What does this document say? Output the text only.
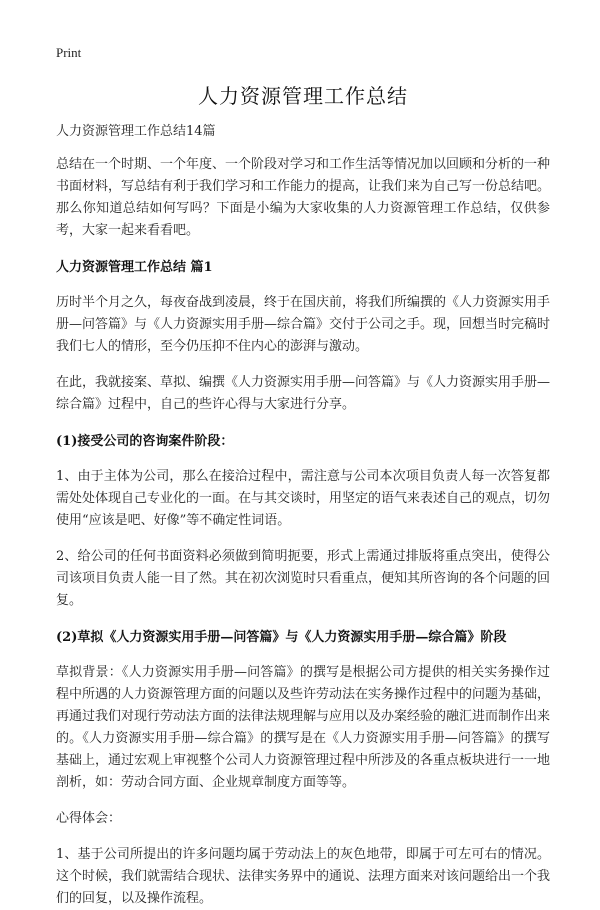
Print
人力资源管理工作总结

人力资源管理工作总结14篇

总结在一个时期、一个年度、一个阶段对学习和工作生活等情况加以回顾和分析的一种书面材料，写总结有利于我们学习和工作能力的提高，让我们来为自己写一份总结吧。那么你知道总结如何写吗？下面是小编为大家收集的人力资源管理工作总结，仅供参考，大家一起来看看吧。

人力资源管理工作总结 篇1

历时半个月之久，每夜奋战到凌晨，终于在国庆前，将我们所编撰的《人力资源实用手册—问答篇》与《人力资源实用手册—综合篇》交付于公司之手。现，回想当时完稿时我们七人的情形，至今仍压抑不住内心的澎湃与激动。

在此，我就接案、草拟、编撰《人力资源实用手册—问答篇》与《人力资源实用手册—综合篇》过程中，自己的些许心得与大家进行分享。

(1)接受公司的咨询案件阶段：

1、由于主体为公司，那么在接洽过程中，需注意与公司本次项目负责人每一次答复都需处处体现自己专业化的一面。在与其交谈时，用坚定的语气来表述自己的观点，切勿使用“应该是吧、好像”等不确定性词语。

2、给公司的任何书面资料必须做到简明扼要，形式上需通过排版将重点突出，使得公司该项目负责人能一目了然。其在初次浏览时只看重点，便知其所咨询的各个问题的回复。

(2)草拟《人力资源实用手册—问答篇》与《人力资源实用手册—综合篇》阶段

草拟背景：《人力资源实用手册—问答篇》的撰写是根据公司方提供的相关实务操作过程中所遇的人力资源管理方面的问题以及些许劳动法在实务操作过程中的问题为基础，再通过我们对现行劳动法方面的法律法规理解与应用以及办案经验的融汇进而制作出来的。《人力资源实用手册—综合篇》的撰写是在《人力资源实用手册—问答篇》的撰写基础上，通过宏观上审视整个公司人力资源管理过程中所涉及的各重点板块进行一一地剖析，如：劳动合同方面、企业规章制度方面等等。

心得体会：

1、基于公司所提出的许多问题均属于劳动法上的灰色地带，即属于可左可右的情况。这个时候，我们就需结合现状、法律实务界中的通说、法理方面来对该问题给出一个我们的回复，以及操作流程。
